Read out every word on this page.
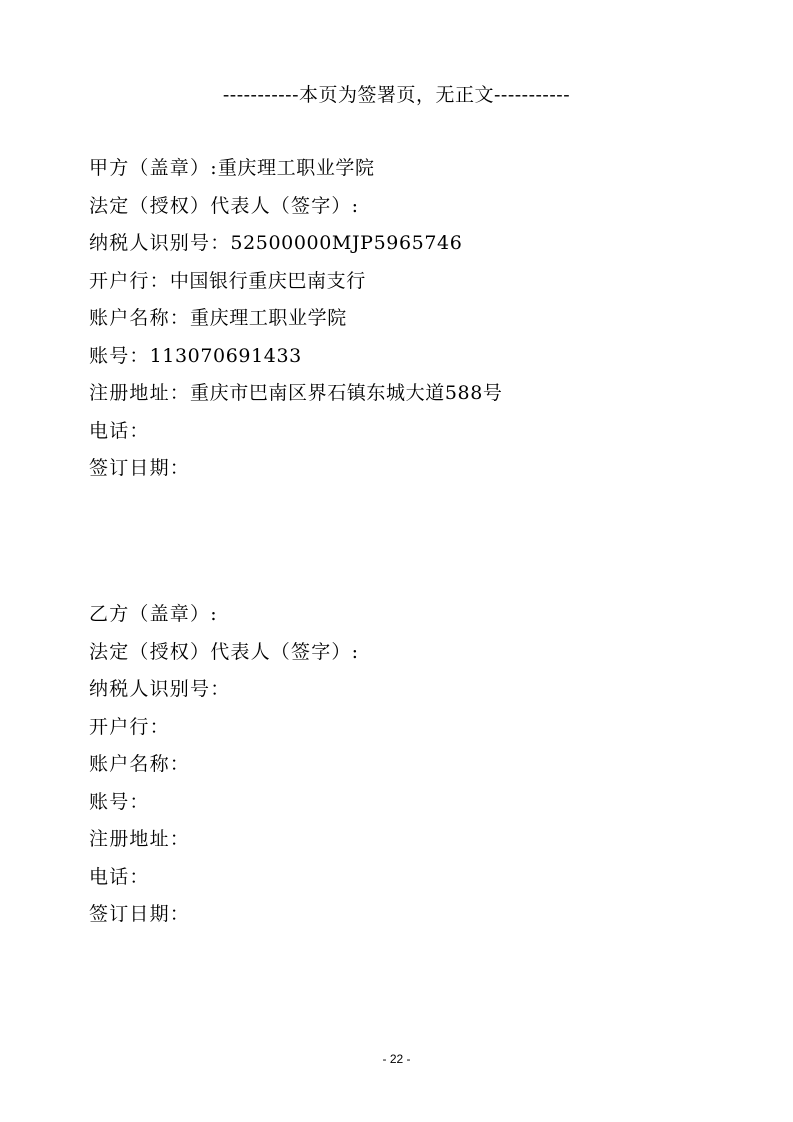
-----------本页为签署页，无正文-----------
甲方（盖章）:重庆理工职业学院
法定（授权）代表人（签字）:
纳税人识别号：52500000MJP5965746
开户行：中国银行重庆巴南支行
账户名称：重庆理工职业学院
账号：113070691433
注册地址：重庆市巴南区界石镇东城大道588号
电话：
签订日期：
乙方（盖章）:
法定（授权）代表人（签字）:
纳税人识别号：
开户行：
账户名称：
账号：
注册地址：
电话：
签订日期：
- 22 -
